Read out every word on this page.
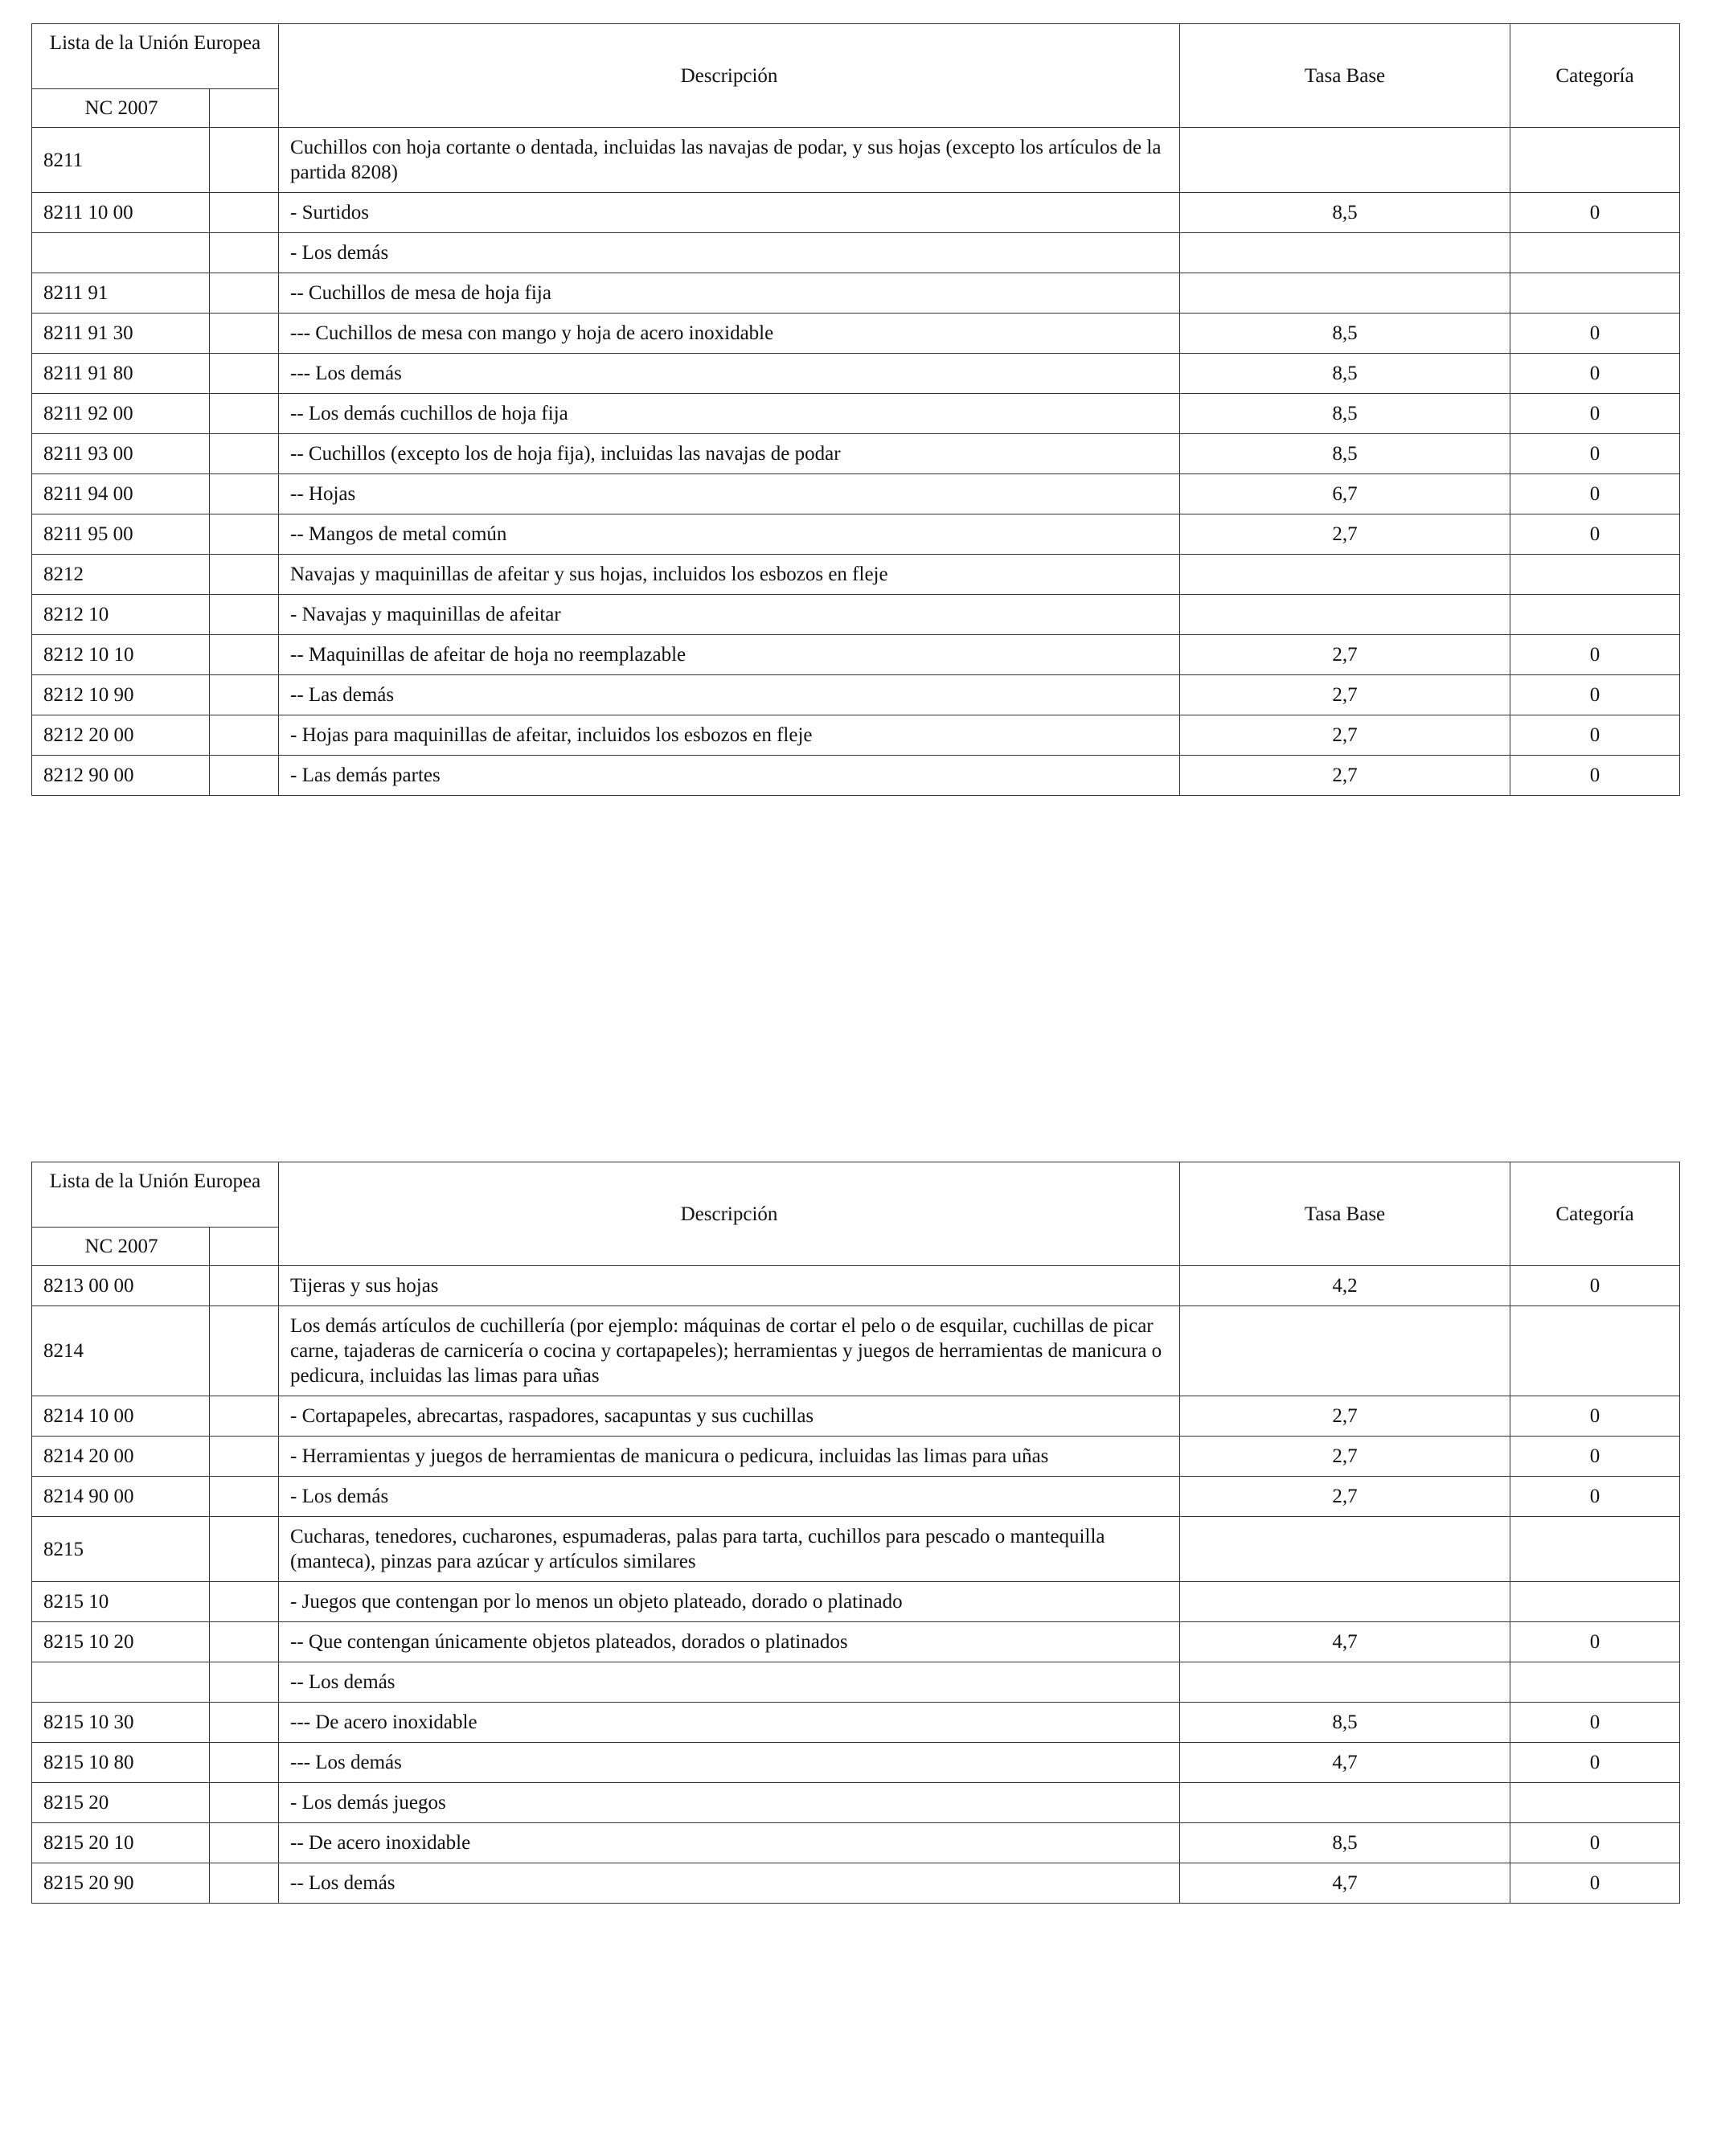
Lista de la Unión Europea		Descripción	Tasa Base	Categoría
NC 2007				
8211		Cuchillos con hoja cortante o dentada, incluidas las navajas de podar, y sus hojas (excepto los artículos de la partida 8208)		
8211 10 00		- Surtidos	8,5	0
		- Los demás		
8211 91		-- Cuchillos de mesa de hoja fija		
8211 91 30		--- Cuchillos de mesa con mango y hoja de acero inoxidable	8,5	0
8211 91 80		--- Los demás	8,5	0
8211 92 00		-- Los demás cuchillos de hoja fija	8,5	0
8211 93 00		-- Cuchillos (excepto los de hoja fija), incluidas las navajas de podar	8,5	0
8211 94 00		-- Hojas	6,7	0
8211 95 00		-- Mangos de metal común	2,7	0
8212		Navajas y maquinillas de afeitar y sus hojas, incluidos los esbozos en fleje		
8212 10		- Navajas y maquinillas de afeitar		
8212 10 10		-- Maquinillas de afeitar de hoja no reemplazable	2,7	0
8212 10 90		-- Las demás	2,7	0
8212 20 00		- Hojas para maquinillas de afeitar, incluidos los esbozos en fleje	2,7	0
8212 90 00		- Las demás partes	2,7	0
Lista de la Unión Europea		Descripción	Tasa Base	Categoría
NC 2007				
8213 00 00		Tijeras y sus hojas	4,2	0
8214		Los demás artículos de cuchillería (por ejemplo: máquinas de cortar el pelo o de esquilar, cuchillas de picar carne, tajaderas de carnicería o cocina y cortapapeles); herramientas y juegos de herramientas de manicura o pedicura, incluidas las limas para uñas		
8214 10 00		- Cortapapeles, abrecartas, raspadores, sacapuntas y sus cuchillas	2,7	0
8214 20 00		- Herramientas y juegos de herramientas de manicura o pedicura, incluidas las limas para uñas	2,7	0
8214 90 00		- Los demás	2,7	0
8215		Cucharas, tenedores, cucharones, espumaderas, palas para tarta, cuchillos para pescado o mantequilla (manteca), pinzas para azúcar y artículos similares		
8215 10		- Juegos que contengan por lo menos un objeto plateado, dorado o platinado		
8215 10 20		-- Que contengan únicamente objetos plateados, dorados o platinados	4,7	0
		-- Los demás		
8215 10 30		--- De acero inoxidable	8,5	0
8215 10 80		--- Los demás	4,7	0
8215 20		- Los demás juegos		
8215 20 10		-- De acero inoxidable	8,5	0
8215 20 90		-- Los demás	4,7	0
